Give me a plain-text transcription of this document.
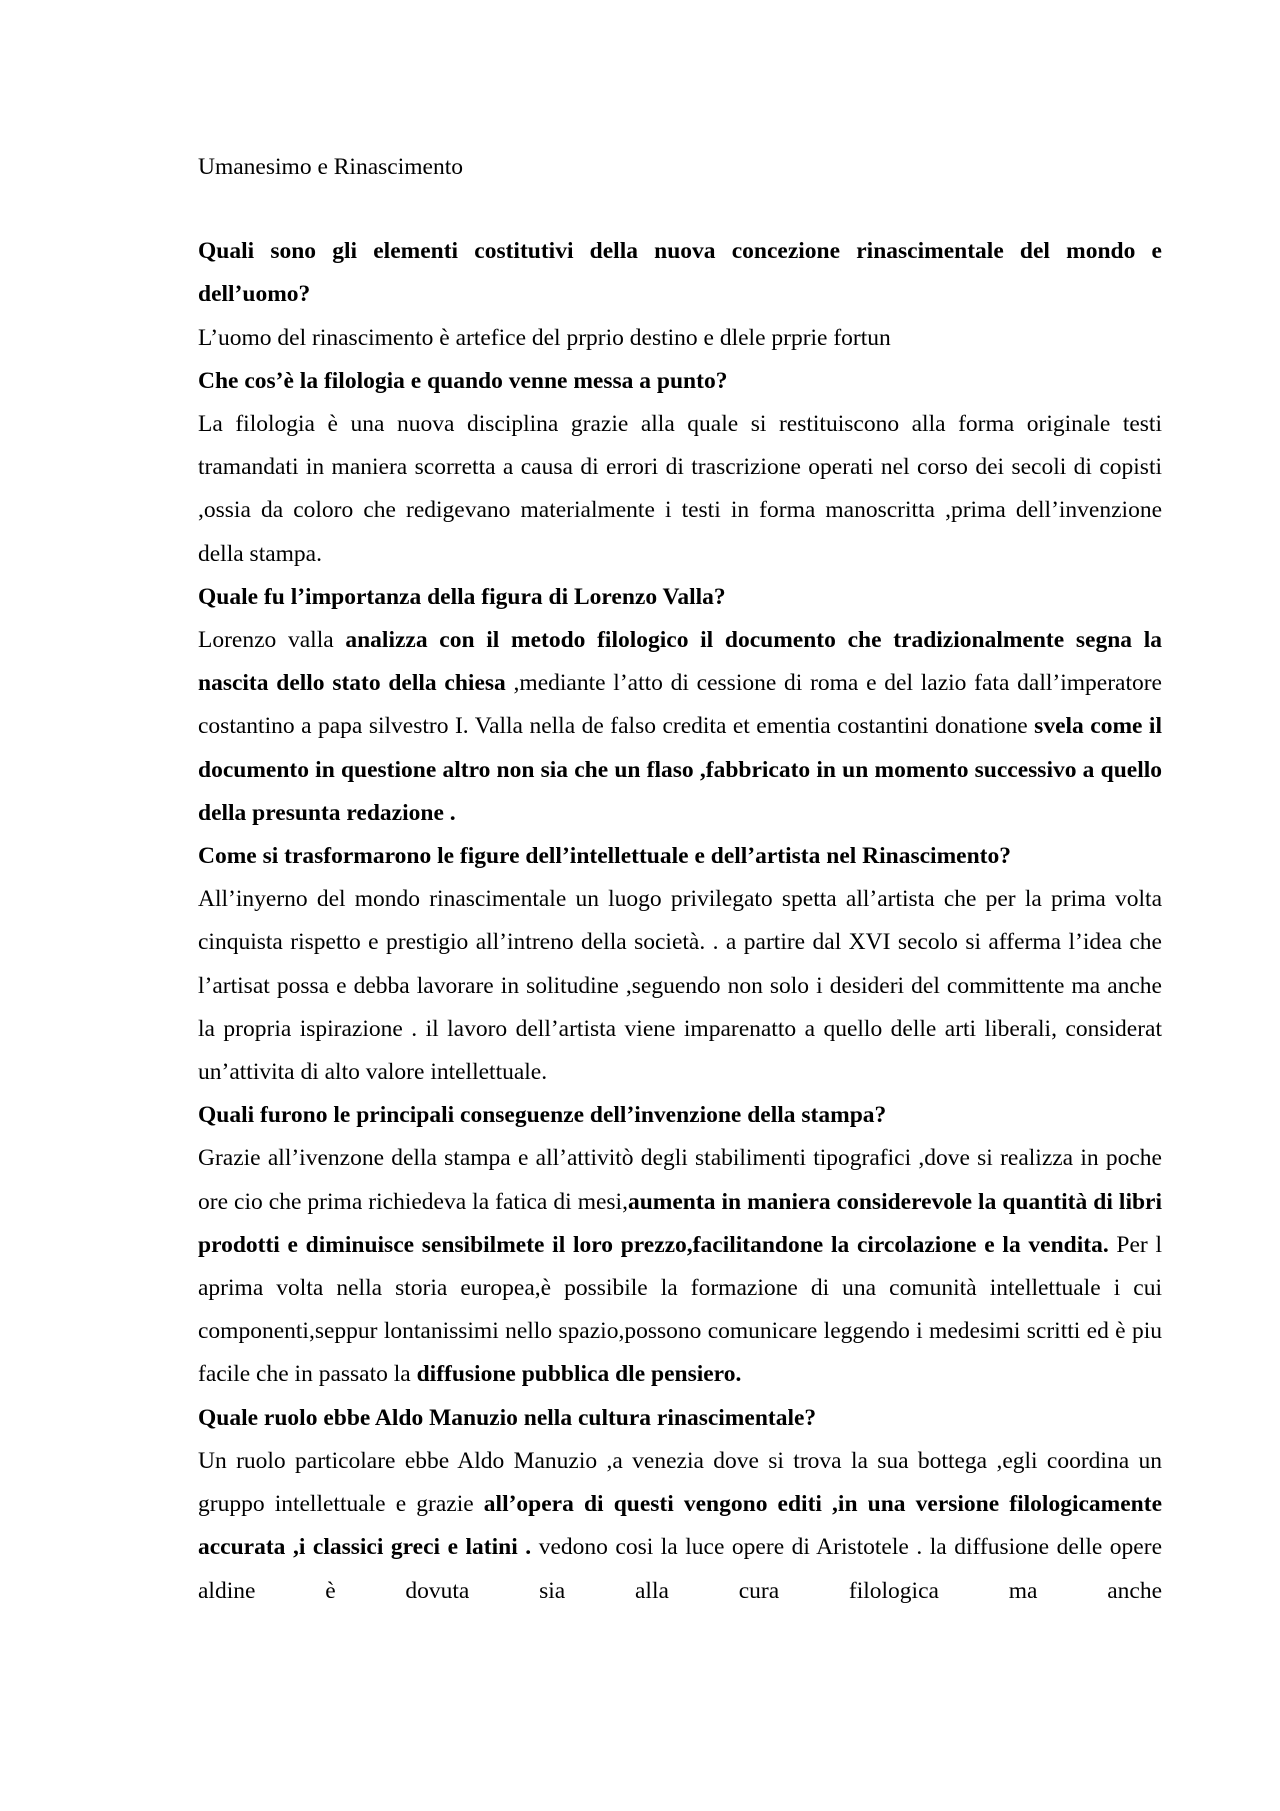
Umanesimo e Rinascimento

Quali sono gli elementi costitutivi della nuova concezione rinascimentale del mondo e dell’uomo?

L’uomo del rinascimento è artefice del prprio destino e dlele prprie fortun

Che cos’è la filologia e quando venne messa a punto?

La filologia è una nuova disciplina grazie alla quale si restituiscono alla forma originale testi tramandati in maniera scorretta a causa di errori di trascrizione operati nel corso dei secoli di copisti ,ossia da coloro che redigevano materialmente i testi in forma manoscritta ,prima dell’invenzione della stampa.

Quale fu l’importanza della figura di Lorenzo Valla?

Lorenzo valla analizza con il metodo filologico il documento che tradizionalmente segna la nascita dello stato della chiesa ,mediante l’atto di cessione di roma e del lazio fata dall’imperatore costantino a papa silvestro I. Valla nella de falso credita et ementia costantini donatione svela come il documento in questione altro non sia che un flaso ,fabbricato in un momento successivo a quello della presunta redazione .

Come si trasformarono le figure dell’intellettuale e dell’artista nel Rinascimento?

All’inyerno del mondo rinascimentale un luogo privilegato spetta all’artista che per la prima volta cinquista rispetto e prestigio all’intreno della società. . a partire dal XVI secolo si afferma l’idea che l’artisat possa e debba lavorare in solitudine ,seguendo non solo i desideri del committente ma anche la propria ispirazione . il lavoro dell’artista viene imparenatto a quello delle arti liberali, considerat un’attivita di alto valore intellettuale.

Quali furono le principali conseguenze dell’invenzione della stampa?

Grazie all’ivenzone della stampa e all’attivitò degli stabilimenti tipografici ,dove si realizza in poche ore cio che prima richiedeva la fatica di mesi,aumenta in maniera considerevole la quantità di libri prodotti e diminuisce sensibilmete il loro prezzo,facilitandone la circolazione e la vendita. Per l aprima volta nella storia europea,è possibile la formazione di una comunità intellettuale i cui componenti,seppur lontanissimi nello spazio,possono comunicare leggendo i medesimi scritti ed è piu facile che in passato la diffusione pubblica dle pensiero.

Quale ruolo ebbe Aldo Manuzio nella cultura rinascimentale?

Un ruolo particolare ebbe Aldo Manuzio ,a venezia dove si trova la sua bottega ,egli coordina un gruppo intellettuale e grazie all’opera di questi vengono editi ,in una versione filologicamente accurata ,i classici greci e latini . vedono cosi la luce opere di Aristotele . la diffusione delle opere aldine è dovuta sia alla cura filologica ma anche
